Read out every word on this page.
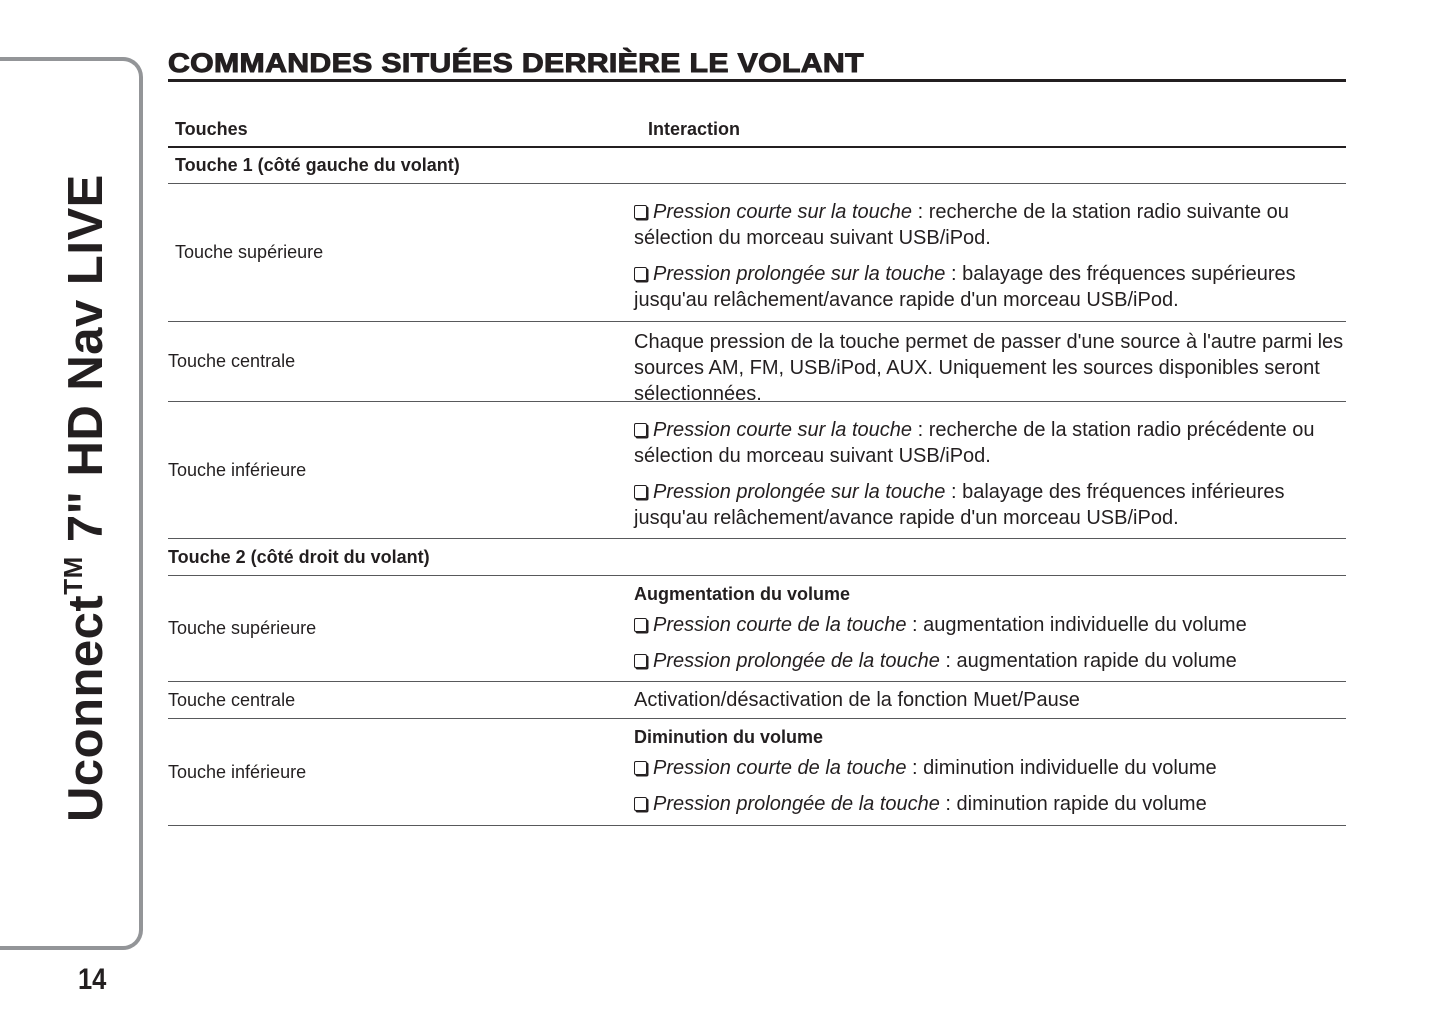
Uconnect™ 7" HD Nav LIVE
14
COMMANDES SITUÉES DERRIÈRE LE VOLANT
Touches	Interaction
Touche 1 (côté gauche du volant)
Touche supérieure

Pression courte sur la touche : recherche de la station radio suivante ou sélection du morceau suivant USB/iPod.

Pression prolongée sur la touche : balayage des fréquences supérieures jusqu'au relâchement/avance rapide d'un morceau USB/iPod.

Touche centrale
Chaque pression de la touche permet de passer d'une source à l'autre parmi les sources AM, FM, USB/iPod, AUX. Uniquement les sources disponibles seront sélectionnées.
Touche inférieure

Pression courte sur la touche : recherche de la station radio précédente ou sélection du morceau suivant USB/iPod.

Pression prolongée sur la touche : balayage des fréquences inférieures jusqu'au relâchement/avance rapide d'un morceau USB/iPod.

Touche 2 (côté droit du volant)
Touche supérieure

Augmentation du volume

Pression courte de la touche : augmentation individuelle du volume

Pression prolongée de la touche : augmentation rapide du volume

Touche centrale	Activation/désactivation de la fonction Muet/Pause
Touche inférieure

Diminution du volume

Pression courte de la touche : diminution individuelle du volume

Pression prolongée de la touche : diminution rapide du volume
